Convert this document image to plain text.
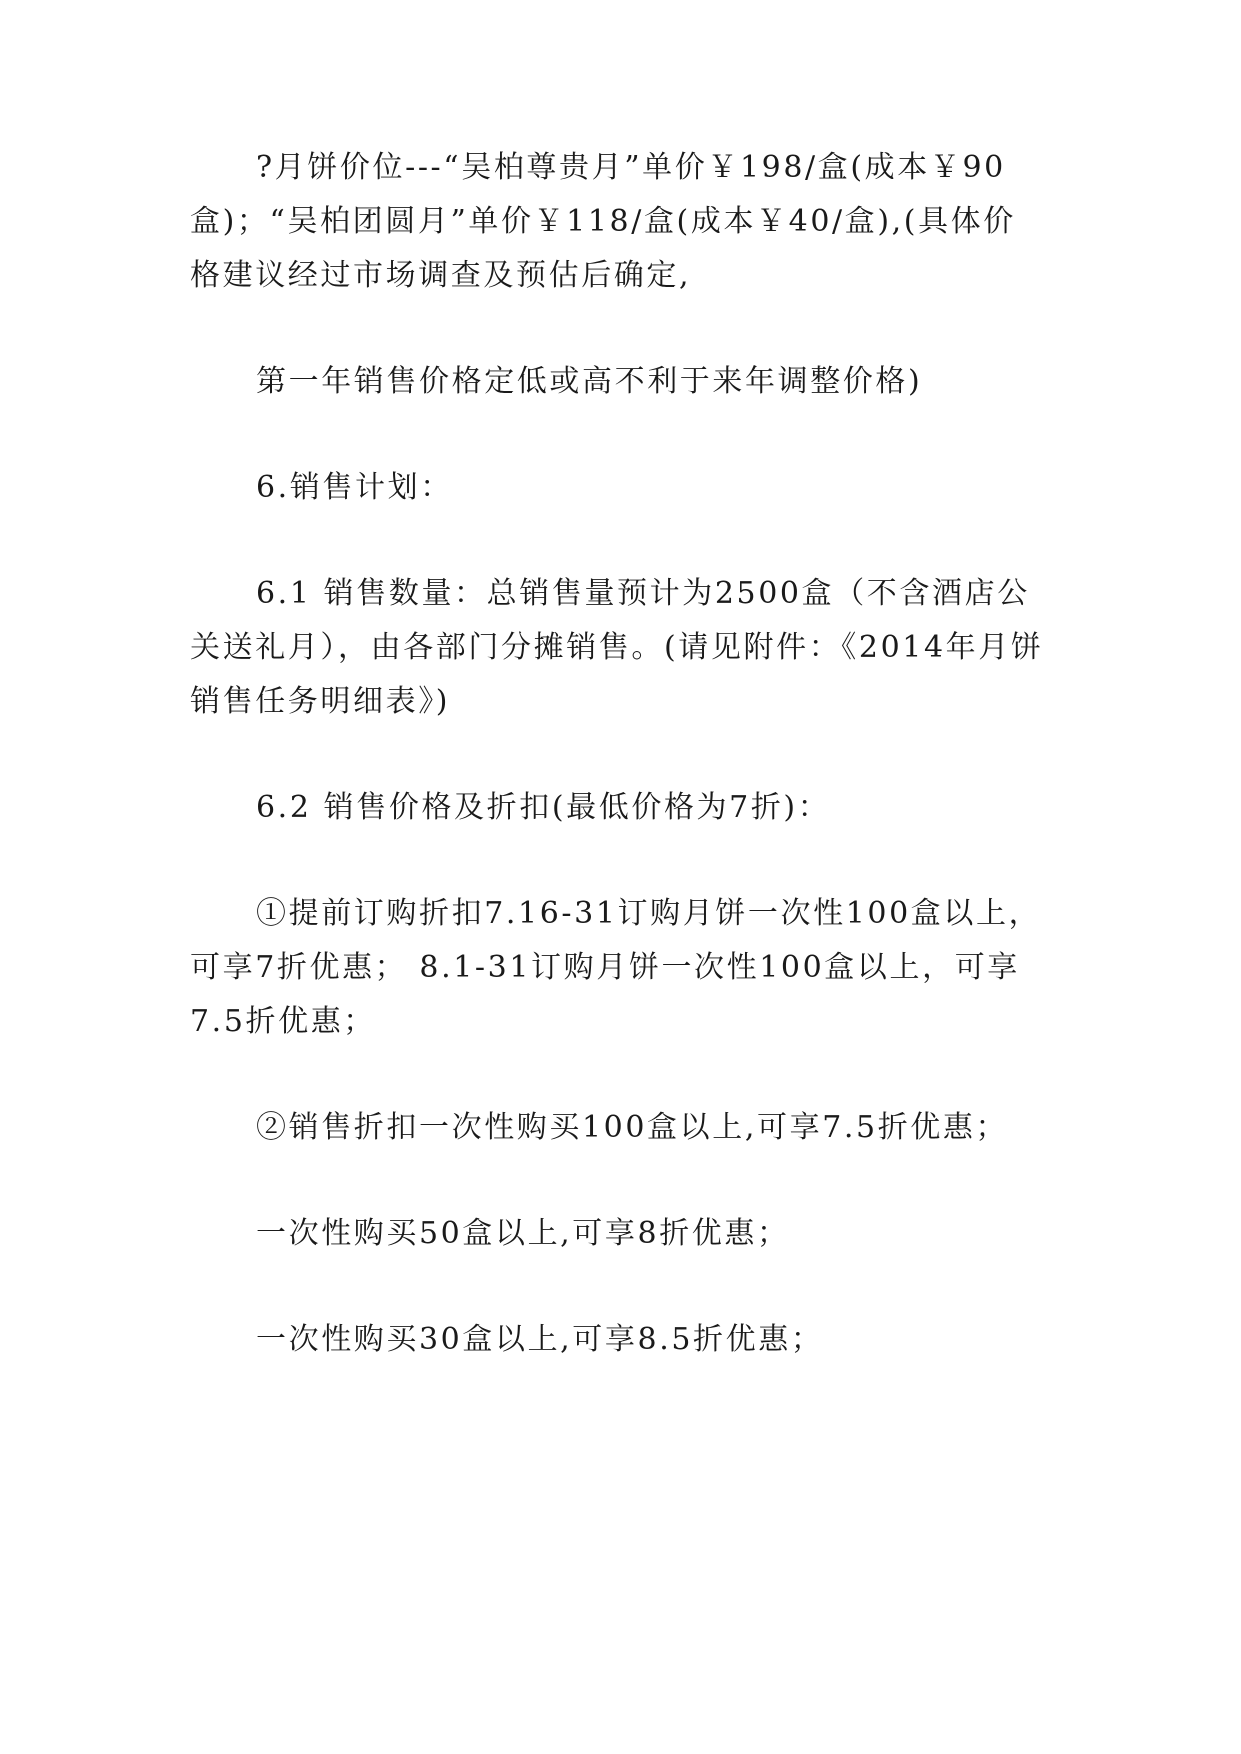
?月饼价位---“吴柏尊贵月”单价￥198/盒(成本￥90
盒)；“吴柏团圆月”单价￥118/盒(成本￥40/盒),(具体价
格建议经过市场调查及预估后确定,
第一年销售价格定低或高不利于来年调整价格)
6.销售计划：
6.1 销售数量：总销售量预计为2500盒（不含酒店公
关送礼月），由各部门分摊销售。(请见附件：《2014年月饼
销售任务明细表》)
6.2 销售价格及折扣(最低价格为7折)：
①提前订购折扣7.16-31订购月饼一次性100盒以上，
可享7折优惠； 8.1-31订购月饼一次性100盒以上，可享
7.5折优惠；
②销售折扣一次性购买100盒以上,可享7.5折优惠；
一次性购买50盒以上,可享8折优惠；
一次性购买30盒以上,可享8.5折优惠；
